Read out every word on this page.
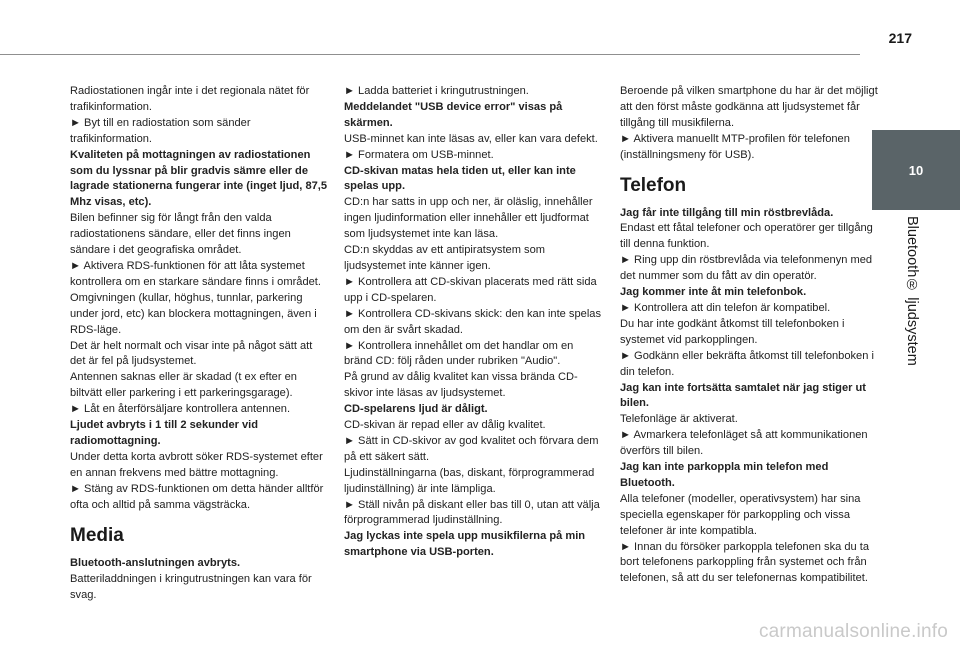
217
10
Bluetooth® ljudsystem

Radiostationen ingår inte i det regionala nätet för trafikinformation.

► Byt till en radiostation som sänder trafikinformation.

Kvaliteten på mottagningen av radiostationen som du lyssnar på blir gradvis sämre eller de lagrade stationerna fungerar inte (inget ljud, 87,5 Mhz visas, etc).

Bilen befinner sig för långt från den valda radiostationens sändare, eller det finns ingen sändare i det geografiska området.

► Aktivera RDS-funktionen för att låta systemet kontrollera om en starkare sändare finns i området.

Omgivningen (kullar, höghus, tunnlar, parkering under jord, etc) kan blockera mottagningen, även i RDS-läge.

Det är helt normalt och visar inte på något sätt att det är fel på ljudsystemet.

Antennen saknas eller är skadad (t ex efter en biltvätt eller parkering i ett parkeringsgarage).

► Låt en återförsäljare kontrollera antennen.

Ljudet avbryts i 1 till 2 sekunder vid radiomottagning.

Under detta korta avbrott söker RDS-systemet efter en annan frekvens med bättre mottagning.

► Stäng av RDS-funktionen om detta händer alltför ofta och alltid på samma vägsträcka.

Media

Bluetooth-anslutningen avbryts.

Batteriladdningen i kringutrustningen kan vara för svag.

► Ladda batteriet i kringutrustningen.

Meddelandet "USB device error" visas på skärmen.

USB-minnet kan inte läsas av, eller kan vara defekt.

► Formatera om USB-minnet.

CD-skivan matas hela tiden ut, eller kan inte spelas upp.

CD:n har satts in upp och ner, är oläslig, innehåller ingen ljudinformation eller innehåller ett ljudformat som ljudsystemet inte kan läsa.

CD:n skyddas av ett antipiratsystem som ljudsystemet inte känner igen.

► Kontrollera att CD-skivan placerats med rätt sida upp i CD-spelaren.

► Kontrollera CD-skivans skick: den kan inte spelas om den är svårt skadad.

► Kontrollera innehållet om det handlar om en bränd CD: följ råden under rubriken "Audio".

På grund av dålig kvalitet kan vissa brända CD-skivor inte läsas av ljudsystemet.

CD-spelarens ljud är dåligt.

CD-skivan är repad eller av dålig kvalitet.

► Sätt in CD-skivor av god kvalitet och förvara dem på ett säkert sätt.

Ljudinställningarna (bas, diskant, förprogrammerad ljudinställning) är inte lämpliga.

► Ställ nivån på diskant eller bas till 0, utan att välja förprogrammerad ljudinställning.

Jag lyckas inte spela upp musikfilerna på min smartphone via USB-porten.

Beroende på vilken smartphone du har är det möjligt att den först måste godkänna att ljudsystemet får tillgång till musikfilerna.

► Aktivera manuellt MTP-profilen för telefonen (inställningsmeny för USB).

Telefon

Jag får inte tillgång till min röstbrevlåda.

Endast ett fåtal telefoner och operatörer ger tillgång till denna funktion.

► Ring upp din röstbrevlåda via telefonmenyn med det nummer som du fått av din operatör.

Jag kommer inte åt min telefonbok.

► Kontrollera att din telefon är kompatibel.

Du har inte godkänt åtkomst till telefonboken i systemet vid parkopplingen.

► Godkänn eller bekräfta åtkomst till telefonboken i din telefon.

Jag kan inte fortsätta samtalet när jag stiger ut bilen.

Telefonläge är aktiverat.

► Avmarkera telefonläget så att kommunikationen överförs till bilen.

Jag kan inte parkoppla min telefon med Bluetooth.

Alla telefoner (modeller, operativsystem) har sina speciella egenskaper för parkoppling och vissa telefoner är inte kompatibla.

► Innan du försöker parkoppla telefonen ska du ta bort telefonens parkoppling från systemet och från telefonen, så att du ser telefonernas kompatibilitet.

carmanualsonline.info
